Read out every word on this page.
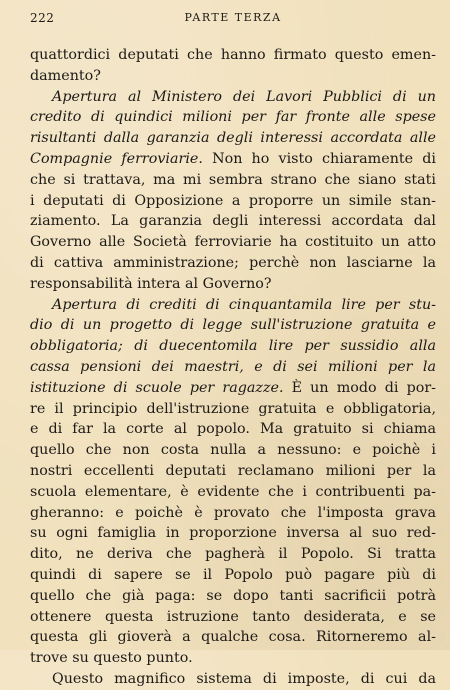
222	PARTE TERZA
quattordici deputati che hanno firmato questo emen-
damento?
Apertura al Ministero dei Lavori Pubblici di un
credito di quindici milioni per far fronte alle spese
risultanti dalla garanzia degli interessi accordata alle
Compagnie ferroviarie. Non ho visto chiaramente di
che si trattava, ma mi sembra strano che siano stati
i deputati di Opposizione a proporre un simile stan-
ziamento. La garanzia degli interessi accordata dal
Governo alle Società ferroviarie ha costituito un atto
di cattiva amministrazione; perchè non lasciarne la
responsabilità intera al Governo?
Apertura di crediti di cinquantamila lire per stu-
dio di un progetto di legge sull'istruzione gratuita e
obbligatoria; di duecentomila lire per sussidio alla
cassa pensioni dei maestri, e di sei milioni per la
istituzione di scuole per ragazze. È un modo di por-
re il principio dell'istruzione gratuita e obbligatoria,
e di far la corte al popolo. Ma gratuito si chiama
quello che non costa nulla a nessuno: e poichè i
nostri eccellenti deputati reclamano milioni per la
scuola elementare, è evidente che i contribuenti pa-
gheranno: e poichè è provato che l'imposta grava
su ogni famiglia in proporzione inversa al suo red-
dito, ne deriva che pagherà il Popolo. Si tratta
quindi di sapere se il Popolo può pagare più di
quello che già paga: se dopo tanti sacrificii potrà
ottenere questa istruzione tanto desiderata, e se
questa gli gioverà a qualche cosa. Ritorneremo al-
trove su questo punto.
Questo magnifico sistema di imposte, di cui da
